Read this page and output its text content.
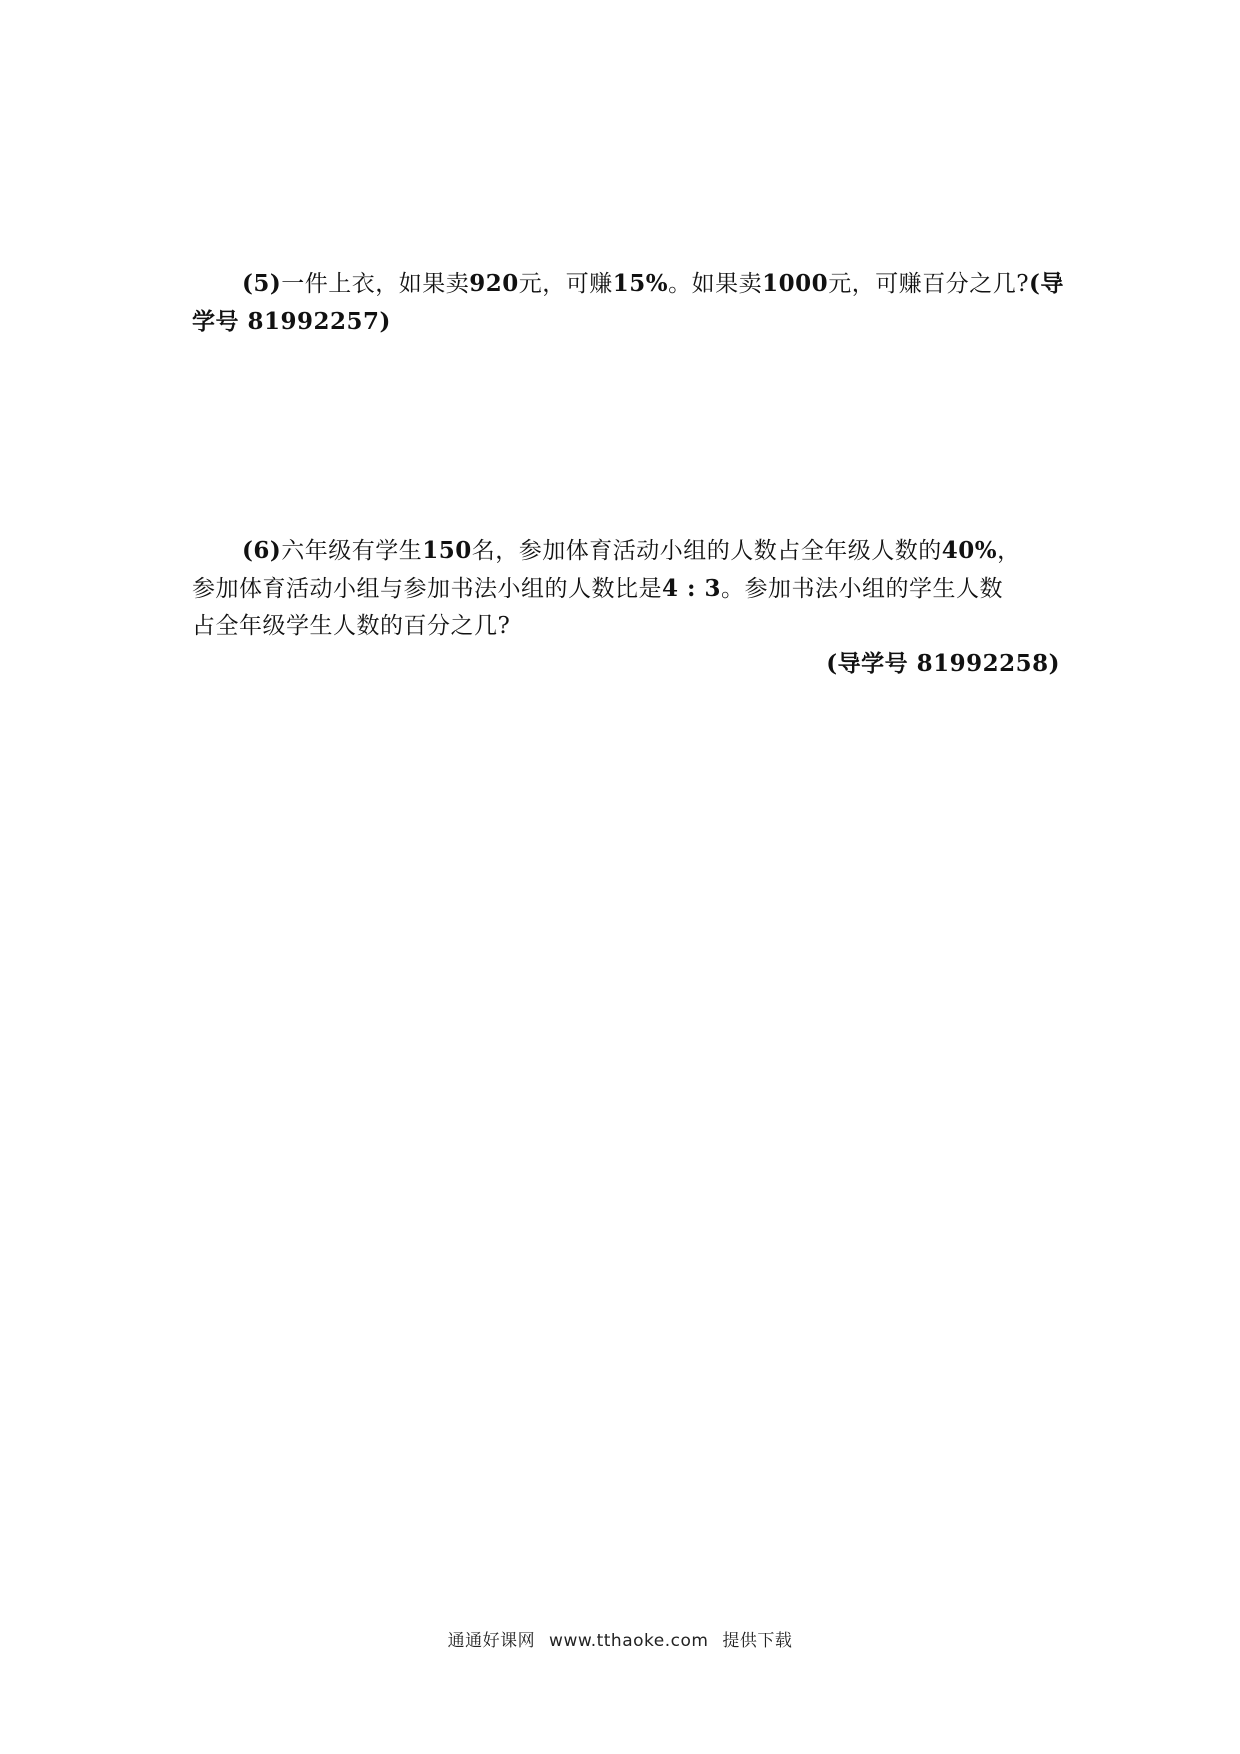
(5)一件上衣，如果卖920元，可赚15%。如果卖1000元，可赚百分之几?(导
学号 81992257)
(6)六年级有学生150名，参加体育活动小组的人数占全年级人数的40%，
参加体育活动小组与参加书法小组的人数比是4 : 3。参加书法小组的学生人数
占全年级学生人数的百分之几?
(导学号 81992258)
通通好课网 www.tthaoke.com 提供下载
